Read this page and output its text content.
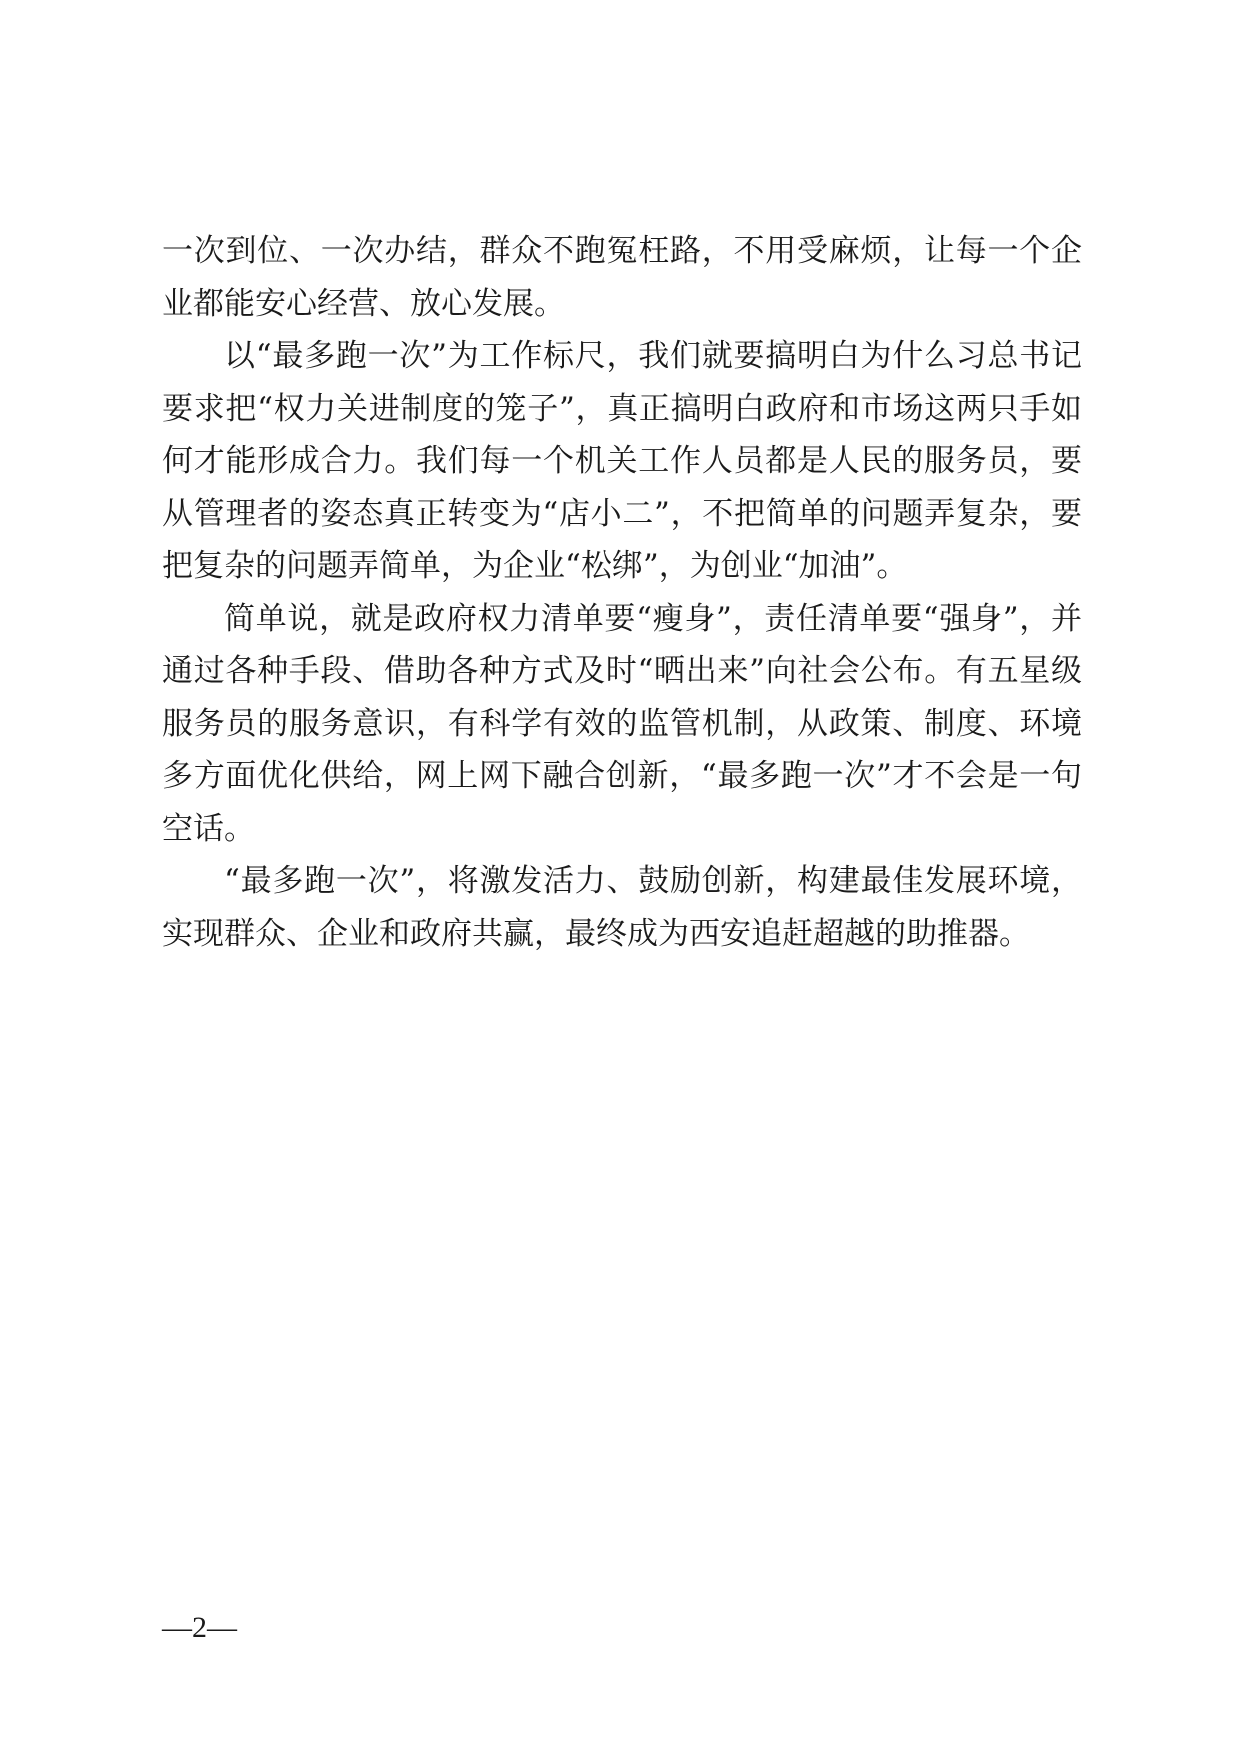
一次到位、一次办结，群众不跑冤枉路，不用受麻烦，让每一个企业都能安心经营、放心发展。

以“最多跑一次”为工作标尺，我们就要搞明白为什么习总书记要求把“权力关进制度的笼子”，真正搞明白政府和市场这两只手如何才能形成合力。我们每一个机关工作人员都是人民的服务员，要从管理者的姿态真正转变为“店小二”，不把简单的问题弄复杂，要把复杂的问题弄简单，为企业“松绑”，为创业“加油”。

简单说，就是政府权力清单要“瘦身”，责任清单要“强身”，并通过各种手段、借助各种方式及时“晒出来”向社会公布。有五星级服务员的服务意识，有科学有效的监管机制，从政策、制度、环境多方面优化供给，网上网下融合创新，“最多跑一次”才不会是一句空话。

“最多跑一次”，将激发活力、鼓励创新，构建最佳发展环境，实现群众、企业和政府共赢，最终成为西安追赶超越的助推器。

—2—
